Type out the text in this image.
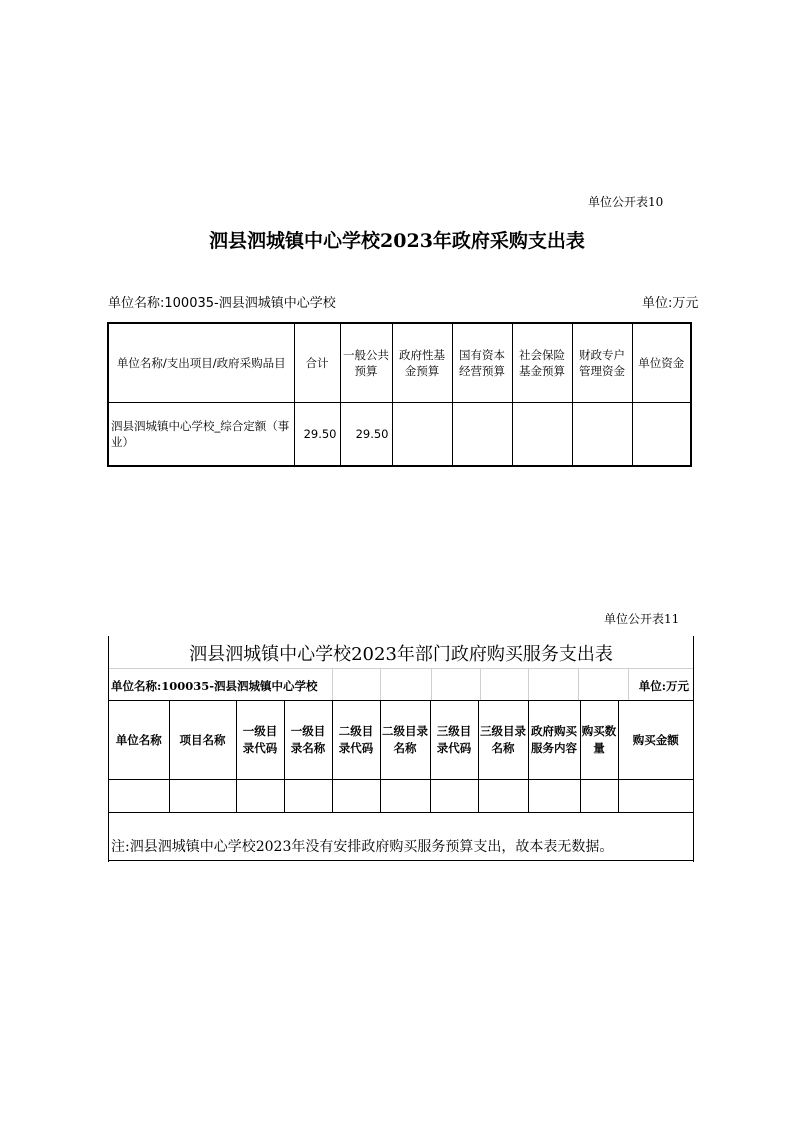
单位公开表10
泗县泗城镇中心学校2023年政府采购支出表
单位名称:100035-泗县泗城镇中心学校	单位:万元
单位名称/支出项目/政府采购品目	合计	一般公共预算	政府性基金预算	国有资本经营预算	社会保险基金预算	财政专户管理资金	单位资金
泗县泗城镇中心学校_综合定额（事业）	29.50	29.50					
单位公开表11
泗县泗城镇中心学校2023年部门政府购买服务支出表
单位名称:100035-泗县泗城镇中心学校	单位:万元
单位名称	项目名称	一级目录代码	一级目录名称	二级目录代码	二级目录名称	三级目录代码	三级目录名称	政府购买服务内容	购买数量	购买金额

注:泗县泗城镇中心学校2023年没有安排政府购买服务预算支出，故本表无数据。
